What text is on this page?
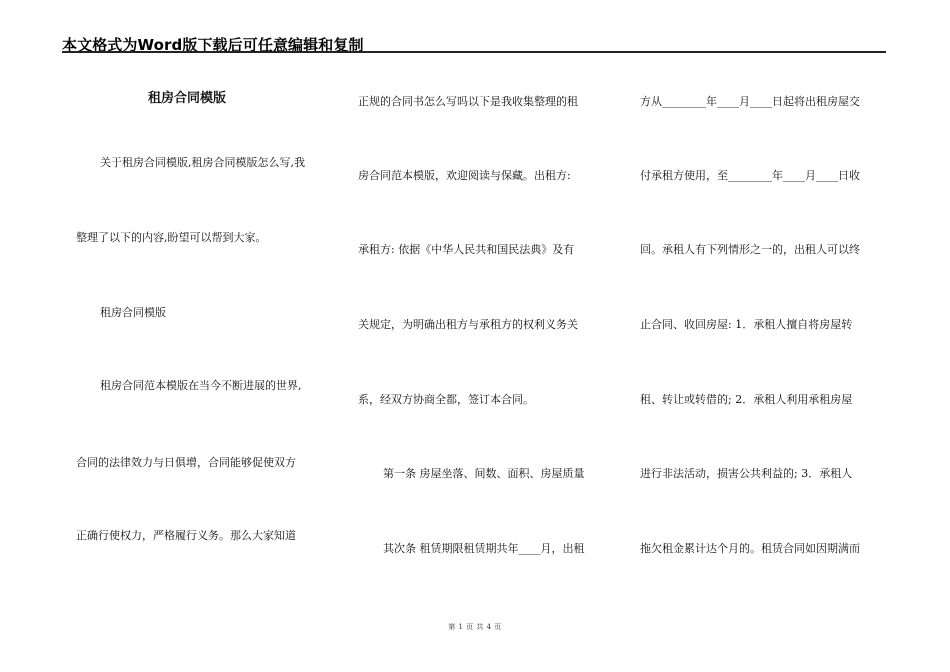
本文格式为Word版下载后可任意编辑和复制
租房合同模版
关于租房合同模版,租房合同模版怎么写,我
整理了以下的内容,盼望可以帮到大家。
租房合同模版
租房合同范本模版在当今不断进展的世界,
合同的法律效力与日俱增，合同能够促使双方
正确行使权力，严格履行义务。那么大家知道
正规的合同书怎么写吗以下是我收集整理的租
房合同范本模版，欢迎阅读与保藏。出租方:
承租方: 依据《中华人民共和国民法典》及有
关规定，为明确出租方与承租方的权利义务关
系，经双方协商全都，签订本合同。
第一条 房屋坐落、间数、面积、房屋质量
其次条 租赁期限租赁期共年____月，出租
方从________年____月____日起将出租房屋交
付承租方使用，至________年____月____日收
回。承租人有下列情形之一的，出租人可以终
止合同、收回房屋: 1．承租人擅自将房屋转
租、转让或转借的; 2．承租人利用承租房屋
进行非法活动，损害公共利益的; 3．承租人
拖欠租金累计达个月的。租赁合同如因期满而
第 1 页 共 4 页
